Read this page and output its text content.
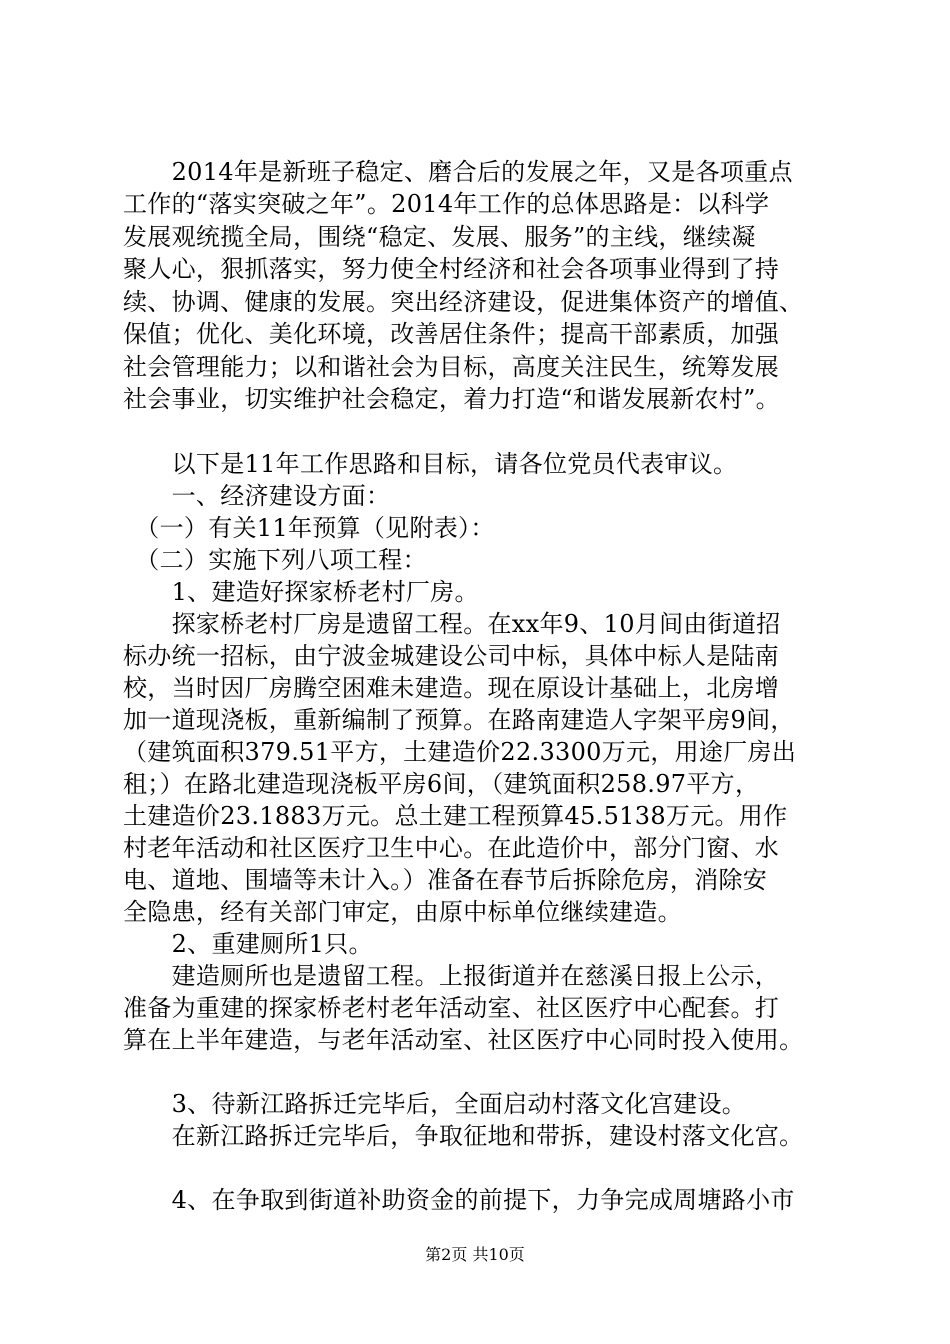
　　2014年是新班子稳定、磨合后的发展之年，又是各项重点
工作的“落实突破之年”。2014年工作的总体思路是：以科学
发展观统揽全局，围绕“稳定、发展、服务”的主线，继续凝
聚人心，狠抓落实，努力使全村经济和社会各项事业得到了持
续、协调、健康的发展。突出经济建设，促进集体资产的增值、
保值；优化、美化环境，改善居住条件；提高干部素质，加强
社会管理能力；以和谐社会为目标，高度关注民生，统筹发展
社会事业，切实维护社会稳定，着力打造“和谐发展新农村”。
　　以下是11年工作思路和目标，请各位党员代表审议。
　　一、经济建设方面：
　（一）有关11年预算（见附表）：
　（二）实施下列八项工程：
　　1、建造好探家桥老村厂房。
　　探家桥老村厂房是遗留工程。在xx年9、10月间由街道招
标办统一招标，由宁波金城建设公司中标，具体中标人是陆南
校，当时因厂房腾空困难未建造。现在原设计基础上，北房增
加一道现浇板，重新编制了预算。在路南建造人字架平房9间，
（建筑面积379.51平方，土建造价22.3300万元，用途厂房出
租；）在路北建造现浇板平房6间，（建筑面积258.97平方，
土建造价23.1883万元。总土建工程预算45.5138万元。用作
村老年活动和社区医疗卫生中心。在此造价中，部分门窗、水
电、道地、围墙等未计入。）准备在春节后拆除危房，消除安
全隐患，经有关部门审定，由原中标单位继续建造。
　　2、重建厕所1只。
　　建造厕所也是遗留工程。上报街道并在慈溪日报上公示，
准备为重建的探家桥老村老年活动室、社区医疗中心配套。打
算在上半年建造，与老年活动室、社区医疗中心同时投入使用。
　　3、待新江路拆迁完毕后，全面启动村落文化宫建设。
　　在新江路拆迁完毕后，争取征地和带拆，建设村落文化宫。
　　4、在争取到街道补助资金的前提下，力争完成周塘路小市
第2页 共10页
